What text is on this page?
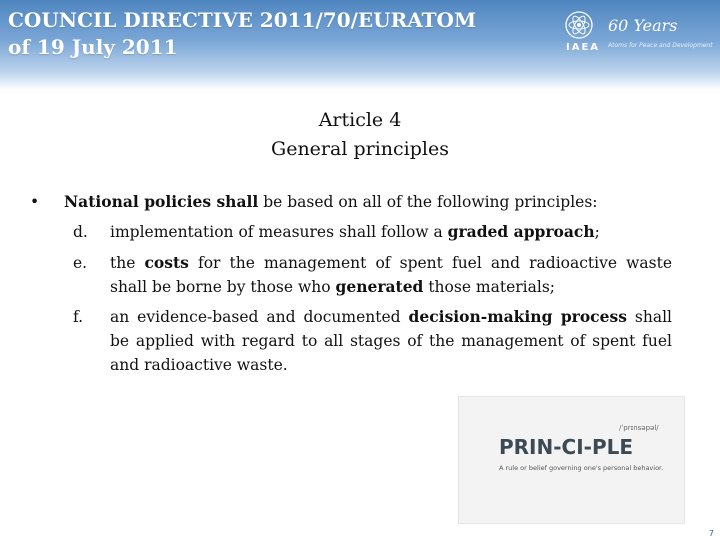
COUNCIL DIRECTIVE 2011/70/EURATOM
of 19 July 2011	IAEA
60 Years
Atoms for Peace and Development
Article 4
General principles
• National policies shall be based on all of the following principles:
d.	implementation of measures shall follow a graded approach;
e.	the costs for the management of spent fuel and radioactive waste shall be borne by those who generated those materials;
f.	an evidence-based and documented decision-making process shall be applied with regard to all stages of the management of spent fuel and radioactive waste.
/ˈprɪnsəpəl/
PRIN-CI-PLE
A rule or belief governing one's personal behavior.
7
